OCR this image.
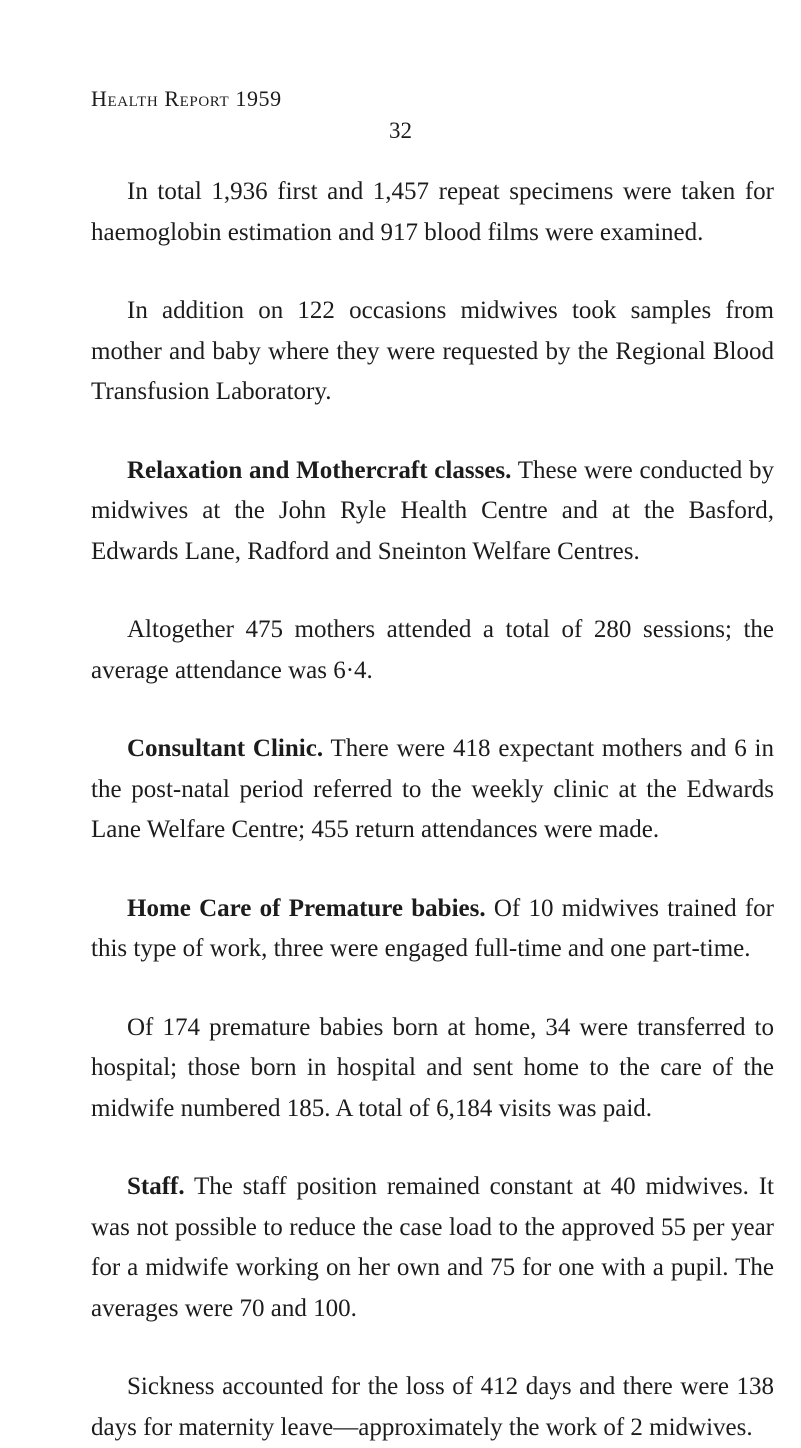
Health Report 1959
32

In total 1,936 first and 1,457 repeat specimens were taken for haemoglobin estimation and 917 blood films were examined.

In addition on 122 occasions midwives took samples from mother and baby where they were requested by the Regional Blood Transfusion Laboratory.

Relaxation and Mothercraft classes. These were conducted by midwives at the John Ryle Health Centre and at the Basford, Edwards Lane, Radford and Sneinton Welfare Centres.

Altogether 475 mothers attended a total of 280 sessions; the average attendance was 6·4.

Consultant Clinic. There were 418 expectant mothers and 6 in the post-natal period referred to the weekly clinic at the Edwards Lane Welfare Centre; 455 return attendances were made.

Home Care of Premature babies. Of 10 midwives trained for this type of work, three were engaged full-time and one part-time.

Of 174 premature babies born at home, 34 were transferred to hospital; those born in hospital and sent home to the care of the midwife numbered 185. A total of 6,184 visits was paid.

Staff. The staff position remained constant at 40 midwives. It was not possible to reduce the case load to the approved 55 per year for a midwife working on her own and 75 for one with a pupil. The averages were 70 and 100.

Sickness accounted for the loss of 412 days and there were 138 days for maternity leave—approximately the work of 2 midwives.
